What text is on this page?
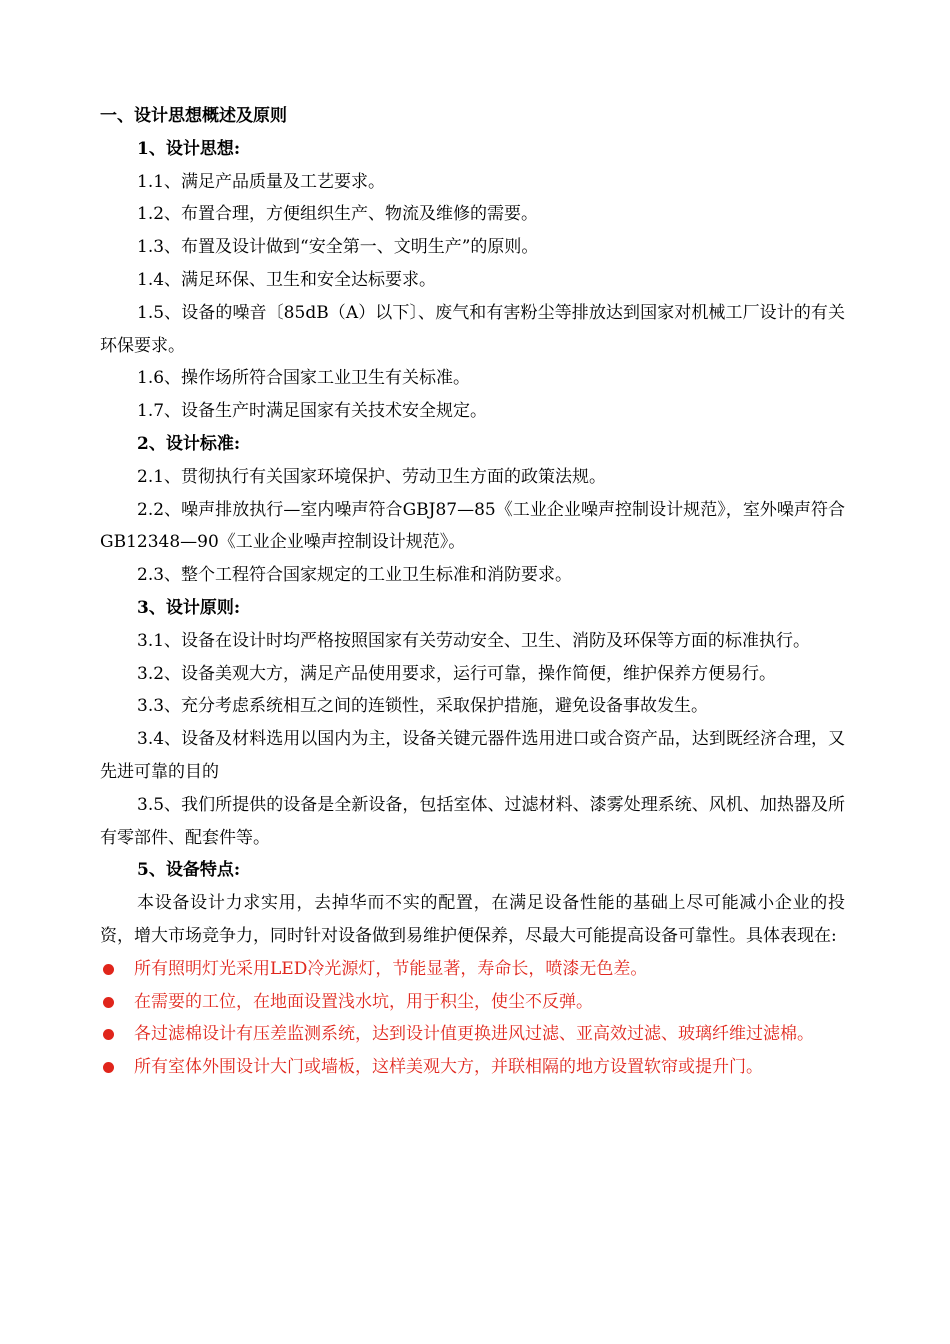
一、设计思想概述及原则

1、设计思想:

1.1、满足产品质量及工艺要求。

1.2、布置合理，方便组织生产、物流及维修的需要。

1.3、布置及设计做到“安全第一、文明生产”的原则。

1.4、满足环保、卫生和安全达标要求。

1.5、设备的噪音〔85dB（A）以下〕、废气和有害粉尘等排放达到国家对机械工厂设计的有关环保要求。

1.6、操作场所符合国家工业卫生有关标准。

1.7、设备生产时满足国家有关技术安全规定。

2、设计标准:

2.1、贯彻执行有关国家环境保护、劳动卫生方面的政策法规。

2.2、噪声排放执行—室内噪声符合GBJ87—85《工业企业噪声控制设计规范》，室外噪声符合GB12348—90《工业企业噪声控制设计规范》。

2.3、整个工程符合国家规定的工业卫生标准和消防要求。

3、设计原则:

3.1、设备在设计时均严格按照国家有关劳动安全、卫生、消防及环保等方面的标准执行。

3.2、设备美观大方，满足产品使用要求，运行可靠，操作简便，维护保养方便易行。

3.3、充分考虑系统相互之间的连锁性，采取保护措施，避免设备事故发生。

3.4、设备及材料选用以国内为主，设备关键元器件选用进口或合资产品，达到既经济合理，又先进可靠的目的

3.5、我们所提供的设备是全新设备，包括室体、过滤材料、漆雾处理系统、风机、加热器及所有零部件、配套件等。

5、设备特点:

本设备设计力求实用，去掉华而不实的配置，在满足设备性能的基础上尽可能减小企业的投资，增大市场竞争力，同时针对设备做到易维护便保养，尽最大可能提高设备可靠性。具体表现在:

所有照明灯光采用LED冷光源灯，节能显著，寿命长，喷漆无色差。
在需要的工位，在地面设置浅水坑，用于积尘，使尘不反弹。
各过滤棉设计有压差监测系统，达到设计值更换进风过滤、亚高效过滤、玻璃纤维过滤棉。
所有室体外围设计大门或墙板，这样美观大方，并联相隔的地方设置软帘或提升门。
